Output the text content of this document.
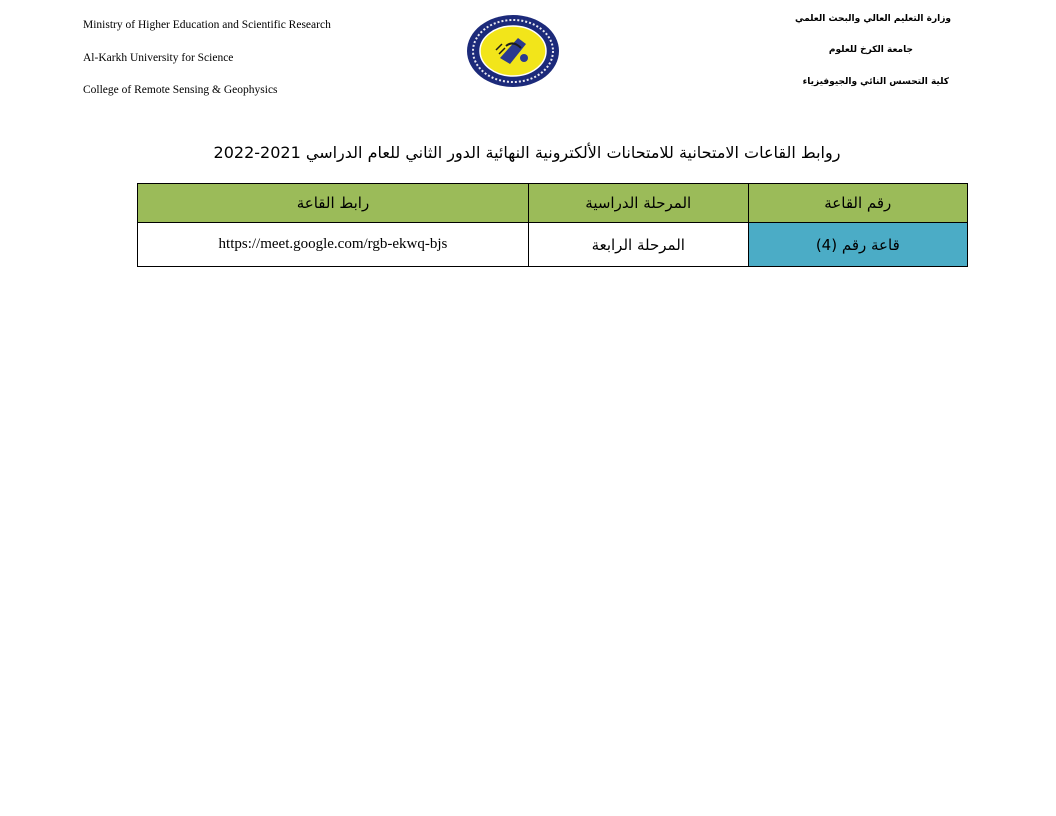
Ministry of Higher Education and Scientific Research
Al-Karkh University for Science
College of Remote Sensing & Geophysics
وزارة التعليم العالي والبحث العلمي
جامعة الكرخ للعلوم
كلية التحسس النائي والجيوفيزياء
روابط القاعات الامتحانية للامتحانات الألكترونية النهائية الدور الثاني للعام الدراسي 2021-2022
رقم القاعة	المرحلة الدراسية	رابط القاعة
قاعة رقم (4)	المرحلة الرابعة	https://meet.google.com/rgb-ekwq-bjs
